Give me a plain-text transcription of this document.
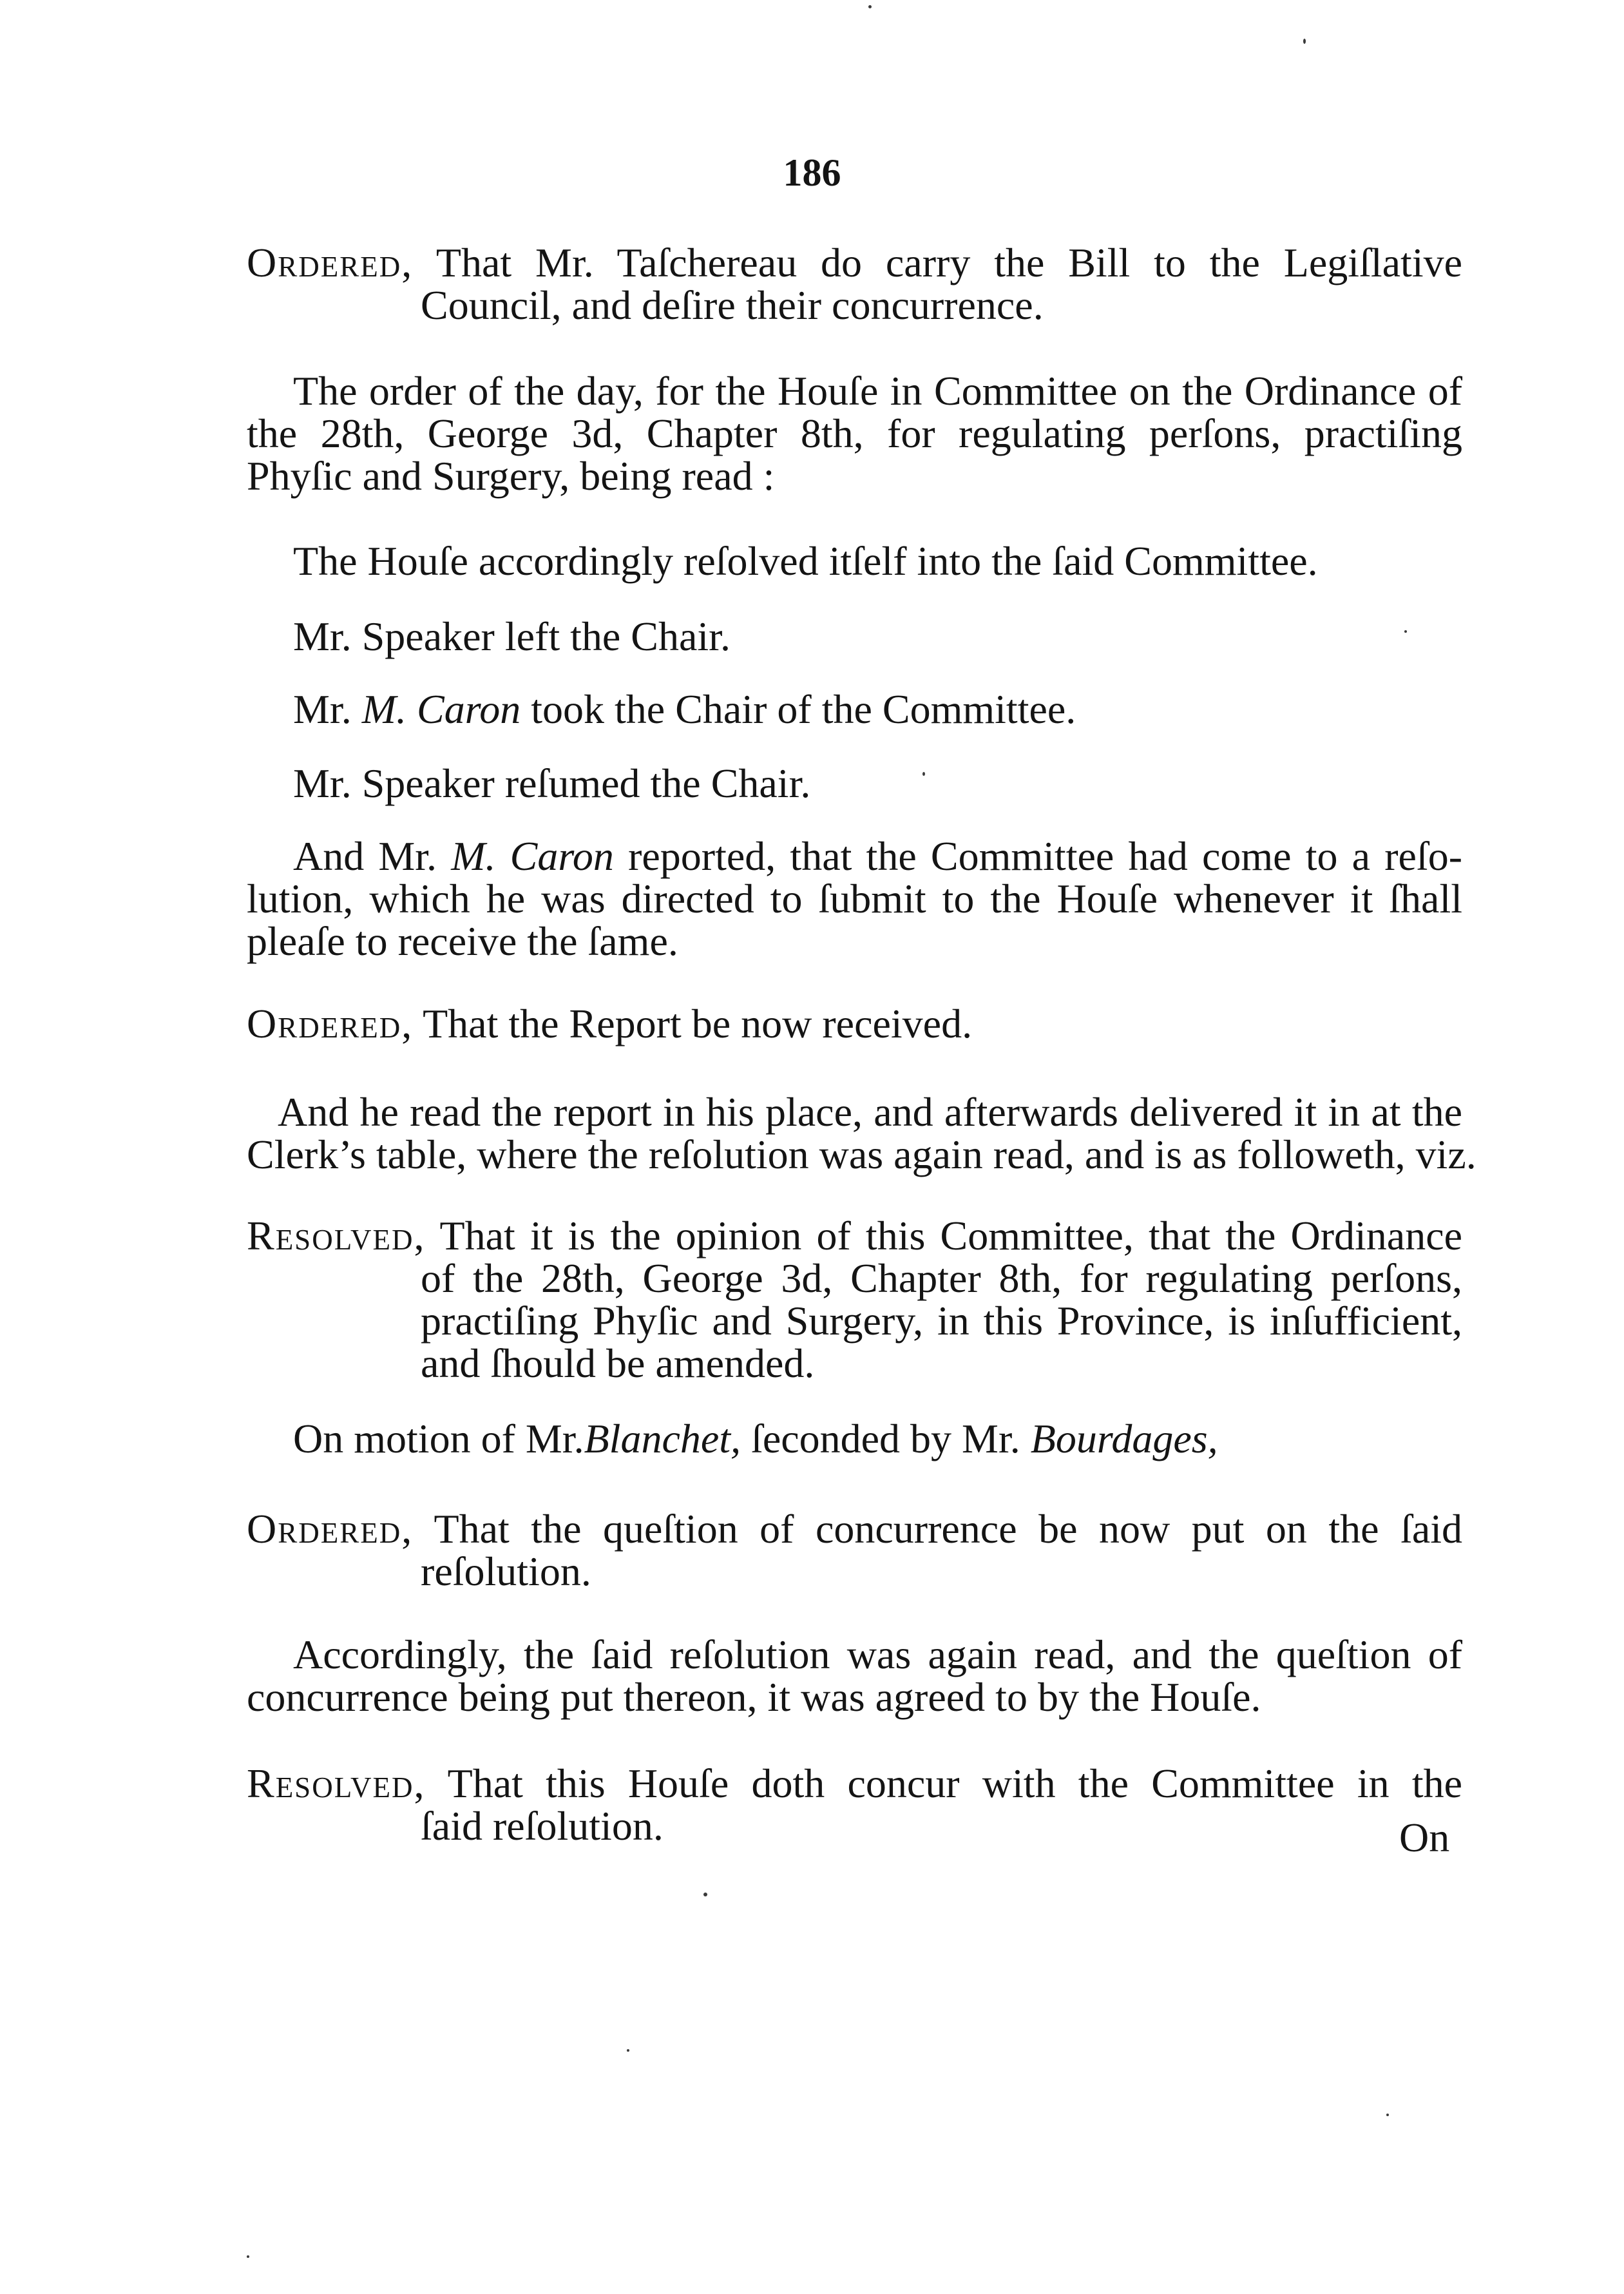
186
Ordered, That Mr. Taſchereau do carry the Bill to the Legiſlative
Council, and deſire their concurrence.
The order of the day, for the Houſe in Committee on the Ordinance of
the 28th, George 3d, Chapter 8th, for regulating perſons, practiſing
Phyſic and Surgery, being read :
The Houſe accordingly reſolved itſelf into the ſaid Committee.
Mr. Speaker left the Chair.
Mr. M. Caron took the Chair of the Committee.
Mr. Speaker reſumed the Chair.
And Mr. M. Caron reported, that the Committee had come to a reſo-
lution, which he was directed to ſubmit to the Houſe whenever it ſhall
pleaſe to receive the ſame.
Ordered, That the Report be now received.
And he read the report in his place, and afterwards delivered it in at the
Clerk’s table, where the reſolution was again read, and is as followeth, viz.
Resolved, That it is the opinion of this Committee, that the Ordinance
of the 28th, George 3d, Chapter 8th, for regulating perſons,
practiſing Phyſic and Surgery, in this Province, is inſufficient,
and ſhould be amended.
On motion of Mr.Blanchet, ſeconded by Mr. Bourdages,
Ordered, That the queſtion of concurrence be now put on the ſaid
reſolution.
Accordingly, the ſaid reſolution was again read, and the queſtion of
concurrence being put thereon, it was agreed to by the Houſe.
Resolved, That this Houſe doth concur with the Committee in the
ſaid reſolution.	On
